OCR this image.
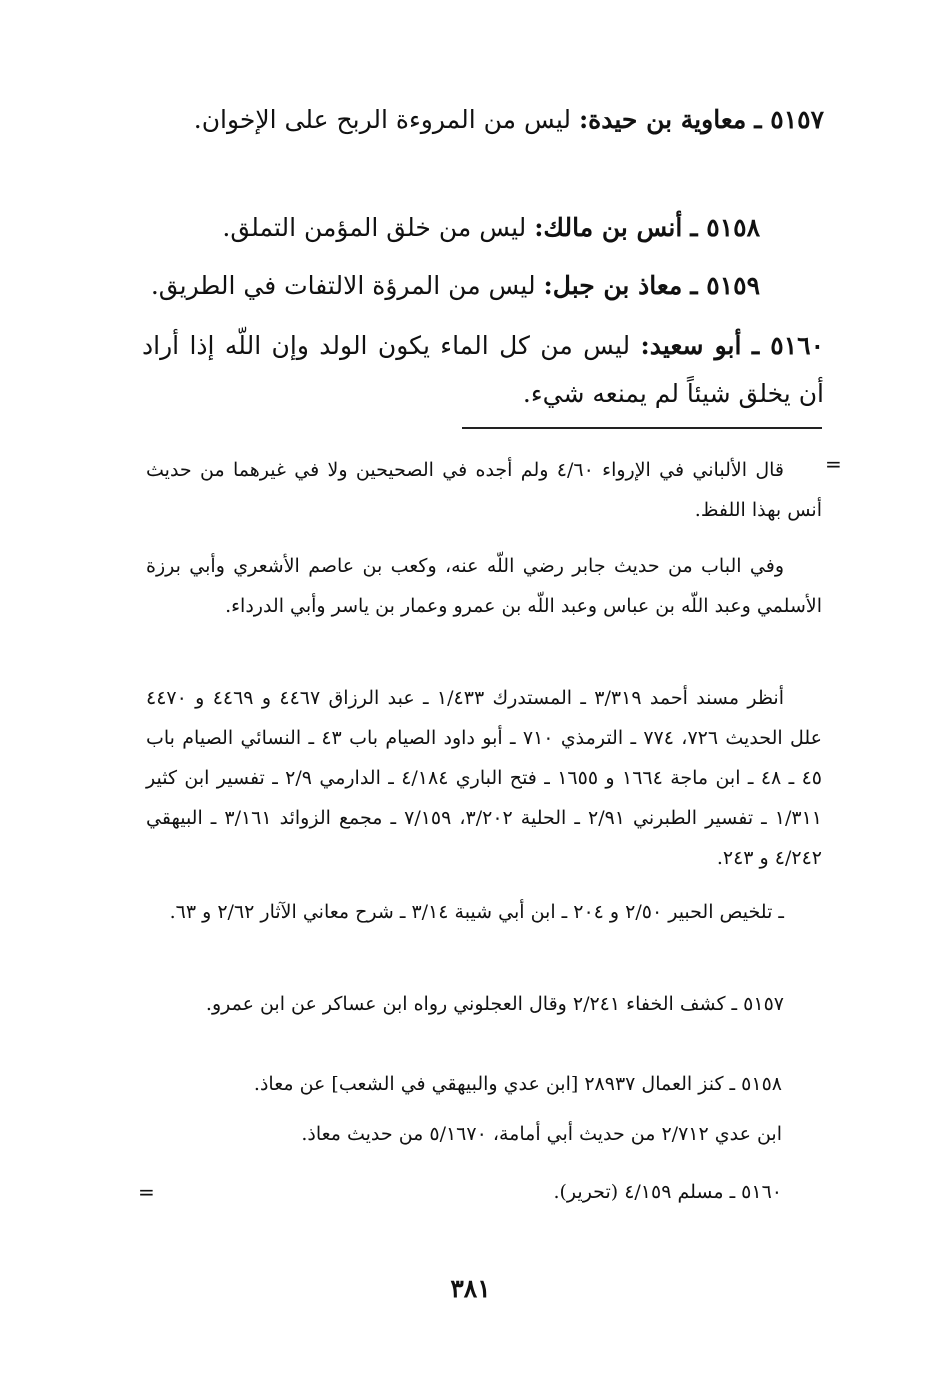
٥١٥٧ ـ معاوية بن حيدة: ليس من المروءة الربح على الإخوان.
٥١٥٨ ـ أنس بن مالك: ليس من خلق المؤمن التملق.
٥١٥٩ ـ معاذ بن جبل: ليس من المرؤة الالتفات في الطريق.
٥١٦٠ ـ أبو سعيد: ليس من كل الماء يكون الولد وإن اللّه إذا أراد أن يخلق شيئاً لم يمنعه شيء.
=
=
قال الألباني في الإرواء ٤/٦٠ ولم أجده في الصحيحين ولا في غيرهما من حديث أنس بهذا اللفظ.
وفي الباب من حديث جابر رضي اللّه عنه، وكعب بن عاصم الأشعري وأبي برزة الأسلمي وعبد اللّه بن عباس وعبد اللّه بن عمرو وعمار بن ياسر وأبي الدرداء.
أنظر مسند أحمد ٣/٣١٩ ـ المستدرك ١/٤٣٣ ـ عبد الرزاق ٤٤٦٧ و ٤٤٦٩ و ٤٤٧٠ علل الحديث ٧٢٦، ٧٧٤ ـ الترمذي ٧١٠ ـ أبو داود الصيام باب ٤٣ ـ النسائي الصيام باب ٤٥ ـ ٤٨ ـ ابن ماجة ١٦٦٤ و ١٦٥٥ ـ فتح الباري ٤/١٨٤ ـ الدارمي ٢/٩ ـ تفسير ابن كثير ١/٣١١ ـ تفسير الطبرني ٢/٩١ ـ الحلية ٣/٢٠٢، ٧/١٥٩ ـ مجمع الزوائد ٣/١٦١ ـ البيهقي ٤/٢٤٢ و ٢٤٣.
ـ تلخيص الحبير ٢/٥٠ و ٢٠٤ ـ ابن أبي شيبة ٣/١٤ ـ شرح معاني الآثار ٢/٦٢ و ٦٣.
٥١٥٧ ـ كشف الخفاء ٢/٢٤١ وقال العجلوني رواه ابن عساكر عن ابن عمرو.
٥١٥٨ ـ كنز العمال ٢٨٩٣٧ [ابن عدي والبيهقي في الشعب] عن معاذ.
ابن عدي ٢/٧١٢ من حديث أبي أمامة، ٥/١٦٧٠ من حديث معاذ.
٥١٦٠ ـ مسلم ٤/١٥٩ (تحرير).
٣٨١
